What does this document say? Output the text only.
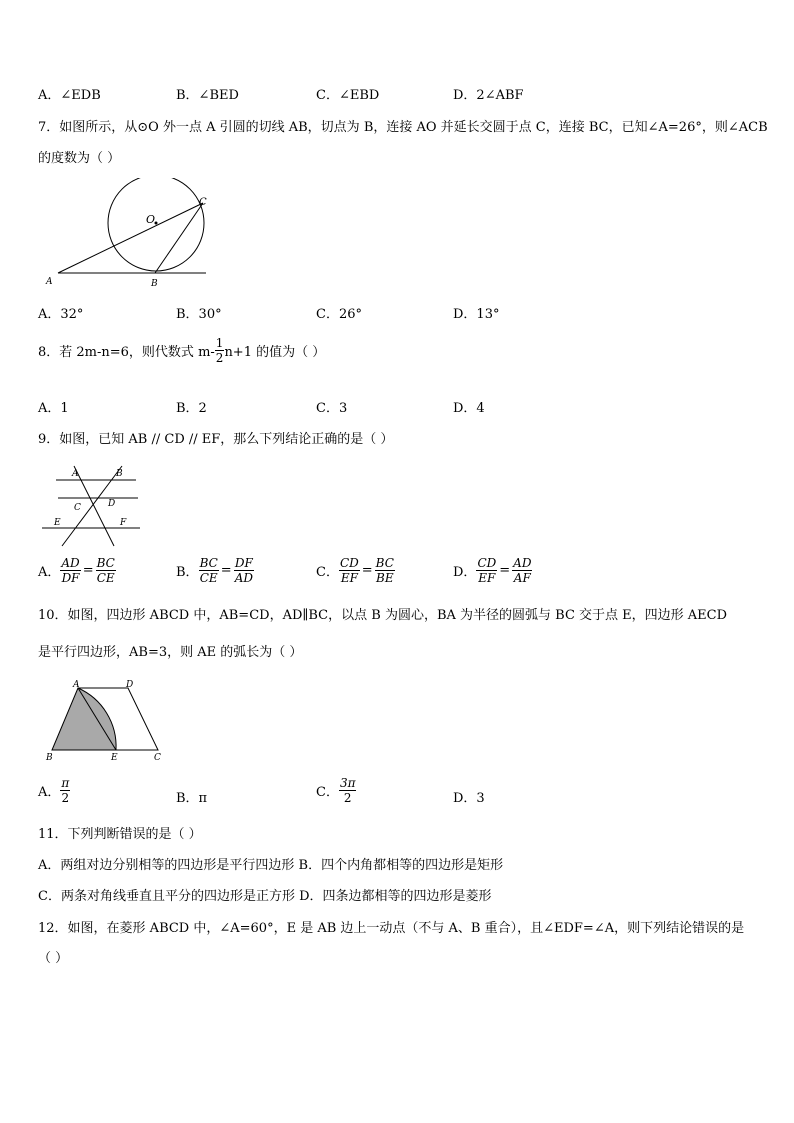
A．∠EDB	B．∠BED	C．∠EBD	D．2∠ABF
7．如图所示，从⊙O 外一点 A 引圆的切线 AB，切点为 B，连接 AO 并延长交圆于点 C，连接 BC，已知∠A=26°，则∠ACB
的度数为（ ）
O
C
A	B
A．32°	B．30°	C．26°	D．13°
8．若 2m-n=6，则代数式 $m- \frac{1}{2} n+1$ 的值为（ ）
A．1	B．2	C．3	D．4
9．如图，已知 AB // CD // EF，那么下列结论正确的是（ ）
A	B
C	D
E	F
A． $\frac{AD}{DF} = \frac{BC}{CE}$	B． $\frac{BC}{CE} = \frac{DF}{AD}$	C． $\frac{CD}{EF} = \frac{BC}{BE}$	D． $\frac{CD}{EF} = \frac{AD}{AF}$
10．如图，四边形 ABCD 中，AB=CD，AD∥BC，以点 B 为圆心，BA 为半径的圆弧与 BC 交于点 E，四边形 AECD
是平行四边形，AB=3，则 AE 的弧长为（ ）
A	D
B	E	C
A． $\frac{\pi}{2}$	B．π	C． $\frac{3\pi}{2}$	D．3
11．下列判断错误的是（ ）
A．两组对边分别相等的四边形是平行四边形 B．四个内角都相等的四边形是矩形
C．两条对角线垂直且平分的四边形是正方形 D．四条边都相等的四边形是菱形
12．如图，在菱形 ABCD 中，∠A=60°，E 是 AB 边上一动点（不与 A、B 重合），且∠EDF=∠A，则下列结论错误的是
（ ）
